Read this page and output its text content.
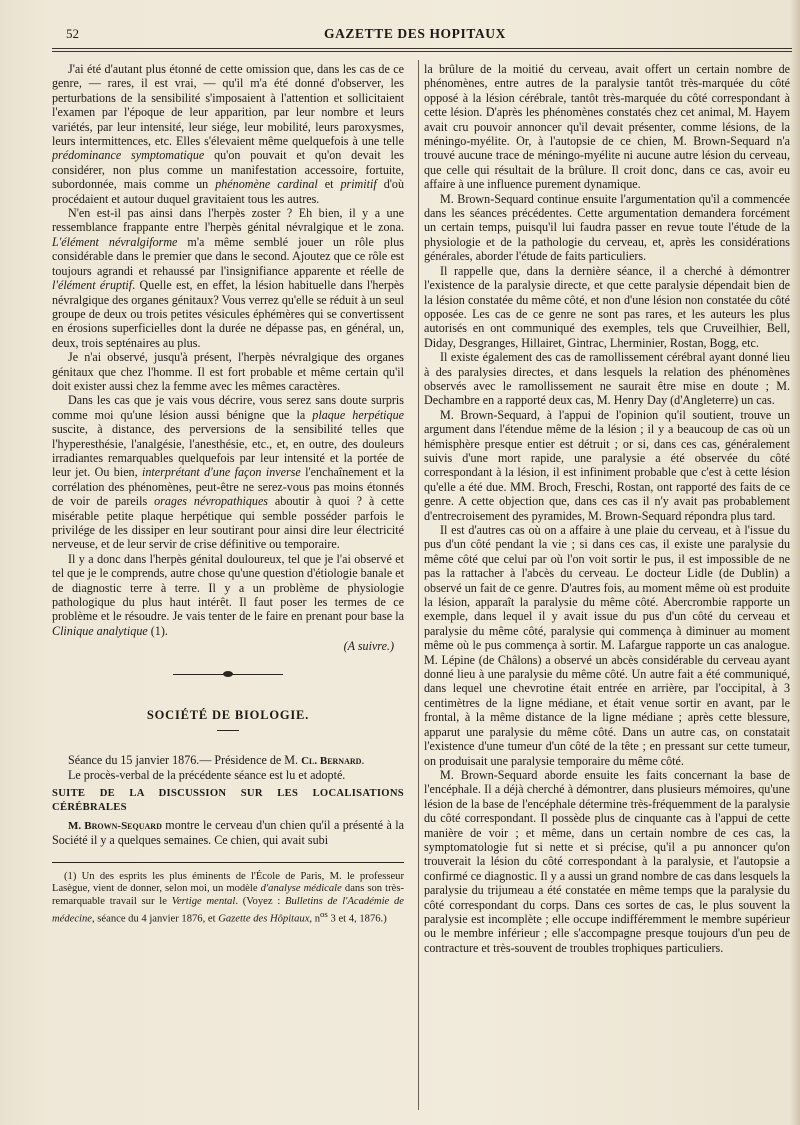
52	GAZETTE DES HOPITAUX

J'ai été d'autant plus étonné de cette omission que, dans les cas de ce genre, — rares, il est vrai, — qu'il m'a été donné d'observer, les perturbations de la sensibilité s'imposaient à l'attention et sollicitaient l'examen par l'époque de leur apparition, par leur nombre et leurs variétés, par leur intensité, leur siége, leur mobilité, leurs paroxysmes, leurs intermittences, etc. Elles s'élevaient même quelquefois à une telle prédominance symptomatique qu'on pouvait et qu'on devait les considérer, non plus comme un manifestation accessoire, fortuite, subordonnée, mais comme un phénomène cardinal et primitif d'où procédaient et autour duquel gravitaient tous les autres.

N'en est-il pas ainsi dans l'herpès zoster ? Eh bien, il y a une ressemblance frappante entre l'herpès génital névralgique et le zona. L'élément névralgiforme m'a même semblé jouer un rôle plus considérable dans le premier que dans le second. Ajoutez que ce rôle est toujours agrandi et rehaussé par l'insignifiance apparente et réelle de l'élément éruptif. Quelle est, en effet, la lésion habituelle dans l'herpès névralgique des organes génitaux? Vous verrez qu'elle se réduit à un seul groupe de deux ou trois petites vésicules éphémères qui se convertissent en érosions superficielles dont la durée ne dépasse pas, en général, un, deux, trois septénaires au plus.

Je n'ai observé, jusqu'à présent, l'herpès névralgique des organes génitaux que chez l'homme. Il est fort probable et même certain qu'il doit exister aussi chez la femme avec les mêmes caractères.

Dans les cas que je vais vous décrire, vous serez sans doute surpris comme moi qu'une lésion aussi bénigne que la plaque herpétique suscite, à distance, des perversions de la sensibilité telles que l'hyperesthésie, l'analgésie, l'anesthésie, etc., et, en outre, des douleurs irradiantes remarquables quelquefois par leur intensité et la portée de leur jet. Ou bien, interprétant d'une façon inverse l'enchaînement et la corrélation des phénomènes, peut-être ne serez-vous pas moins étonnés de voir de pareils orages névropathiques aboutir à quoi ? à cette misérable petite plaque herpétique qui semble posséder parfois le privilége de les dissiper en leur soutirant pour ainsi dire leur électricité nerveuse, et de leur servir de crise définitive ou temporaire.

Il y a donc dans l'herpès génital douloureux, tel que je l'ai observé et tel que je le comprends, autre chose qu'une question d'étiologie banale et de diagnostic terre à terre. Il y a un problème de physiologie pathologique du plus haut intérêt. Il faut poser les termes de ce problème et le résoudre. Je vais tenter de le faire en prenant pour base la Clinique analytique (1).

(A suivre.)
SOCIÉTÉ DE BIOLOGIE.

Séance du 15 janvier 1876.— Présidence de M. Cl. Bernard.

Le procès-verbal de la précédente séance est lu et adopté.

SUITE DE LA DISCUSSION SUR LES LOCALISATIONS CÉRÉBRALES

M. Brown-Sequard montre le cerveau d'un chien qu'il a présenté à la Société il y a quelques semaines. Ce chien, qui avait subi

(1) Un des esprits les plus éminents de l'École de Paris, M. le professeur Lasègue, vient de donner, selon moi, un modèle d'analyse médicale dans son très-remarquable travail sur le Vertige mental. (Voyez : Bulletins de l'Académie de médecine, séance du 4 janvier 1876, et Gazette des Hôpitaux, $n^{os}$ 3 et 4, 1876.)

la brûlure de la moitié du cerveau, avait offert un certain nombre de phénomènes, entre autres de la paralysie tantôt très-marquée du côté opposé à la lésion cérébrale, tantôt très-marquée du côté correspondant à cette lésion. D'après les phénomènes constatés chez cet animal, M. Hayem avait cru pouvoir annoncer qu'il devait présenter, comme lésions, de la méningo-myélite. Or, à l'autopsie de ce chien, M. Brown-Sequard n'a trouvé aucune trace de méningo-myélite ni aucune autre lésion du cerveau, que celle qui résultait de la brûlure. Il croit donc, dans ce cas, avoir eu affaire à une influence purement dynamique.

M. Brown-Sequard continue ensuite l'argumentation qu'il a commencée dans les séances précédentes. Cette argumentation demandera forcément un certain temps, puisqu'il lui faudra passer en revue toute l'étude de la physiologie et de la pathologie du cerveau, et, après les considérations générales, aborder l'étude de faits particuliers.

Il rappelle que, dans la dernière séance, il a cherché à démontrer l'existence de la paralysie directe, et que cette paralysie dépendait bien de la lésion constatée du même côté, et non d'une lésion non constatée du côté opposée. Les cas de ce genre ne sont pas rares, et les auteurs les plus autorisés en ont communiqué des exemples, tels que Cruveilhier, Bell, Diday, Desgranges, Hillairet, Gintrac, Lherminier, Rostan, Bogg, etc.

Il existe également des cas de ramollissement cérébral ayant donné lieu à des paralysies directes, et dans lesquels la relation des phénomènes observés avec le ramollissement ne saurait être mise en doute ; M. Dechambre en a rapporté deux cas, M. Henry Day (d'Angleterre) un cas.

M. Brown-Sequard, à l'appui de l'opinion qu'il soutient, trouve un argument dans l'étendue même de la lésion ; il y a beaucoup de cas où un hémisphère presque entier est détruit ; or si, dans ces cas, généralement suivis d'une mort rapide, une paralysie a été observée du côté correspondant à la lésion, il est infiniment probable que c'est à cette lésion qu'elle a été due. MM. Broch, Freschi, Rostan, ont rapporté des faits de ce genre. A cette objection que, dans ces cas il n'y avait pas probablement d'entrecroisement des pyramides, M. Brown-Sequard répondra plus tard.

Il est d'autres cas où on a affaire à une plaie du cerveau, et à l'issue du pus d'un côté pendant la vie ; si dans ces cas, il existe une paralysie du même côté que celui par où l'on voit sortir le pus, il est impossible de ne pas la rattacher à l'abcès du cerveau. Le docteur Lidle (de Dublin) a observé un fait de ce genre. D'autres fois, au moment même où est produite la lésion, apparaît la paralysie du même côté. Abercrombie rapporte un exemple, dans lequel il y avait issue du pus d'un côté du cerveau et paralysie du même côté, paralysie qui commença à diminuer au moment même où le pus commença à sortir. M. Lafargue rapporte un cas analogue. M. Lépine (de Châlons) a observé un abcès considérable du cerveau ayant donné lieu à une paralysie du même côté. Un autre fait a été communiqué, dans lequel une chevrotine était entrée en arrière, par l'occipital, à 3 centimètres de la ligne médiane, et était venue sortir en avant, par le frontal, à la même distance de la ligne médiane ; après cette blessure, apparut une paralysie du même côté. Dans un autre cas, on constatait l'existence d'une tumeur d'un côté de la tête ; en pressant sur cette tumeur, on produisait une paralysie temporaire du même côté.

M. Brown-Sequard aborde ensuite les faits concernant la base de l'encéphale. Il a déjà cherché à démontrer, dans plusieurs mémoires, qu'une lésion de la base de l'encéphale détermine très-fréquemment de la paralysie du côté correspondant. Il possède plus de cinquante cas à l'appui de cette manière de voir ; et même, dans un certain nombre de ces cas, la symptomatologie fut si nette et si précise, qu'il a pu annoncer qu'on trouverait la lésion du côté correspondant à la paralysie, et l'autopsie a confirmé ce diagnostic. Il y a aussi un grand nombre de cas dans lesquels la paralysie du trijumeau a été constatée en même temps que la paralysie du côté correspondant du corps. Dans ces sortes de cas, le plus souvent la paralysie est incomplète ; elle occupe indifféremment le membre supérieur ou le membre inférieur ; elle s'accompagne presque toujours d'un peu de contracture et très-souvent de troubles trophiques particuliers.
